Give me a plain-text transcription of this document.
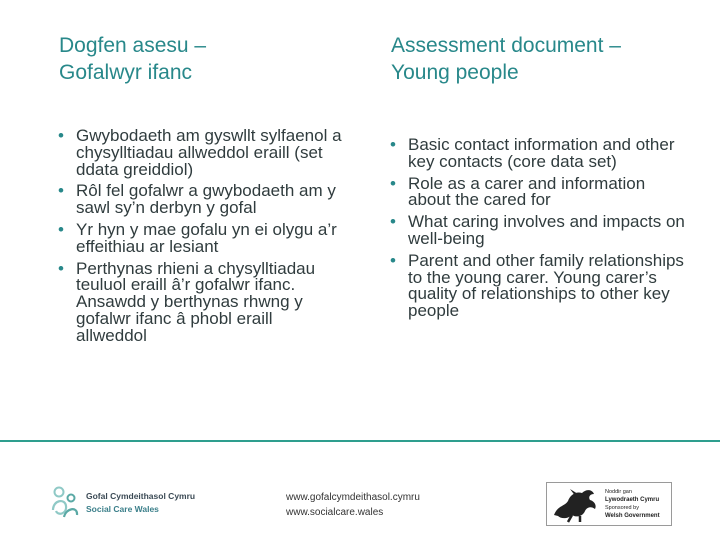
Dogfen asesu –
Gofalwyr ifanc
Assessment document –
Young people
• Gwybodaeth am gyswllt sylfaenol a chysylltiadau allweddol eraill (set ddata greiddiol)
• Rôl fel gofalwr a gwybodaeth am y sawl sy’n derbyn y gofal
• Yr hyn y mae gofalu yn ei olygu a’r effeithiau ar lesiant
• Perthynas rhieni a chysylltiadau teuluol eraill â’r gofalwr ifanc. Ansawdd y berthynas rhwng y gofalwr ifanc â phobl eraill allweddol
• Basic contact information and other key contacts (core data set)
• Role as a carer and information about the cared for
• What caring involves and impacts on well-being
• Parent and other family relationships to the young carer. Young carer’s quality of relationships to other key people
Gofal Cymdeithasol Cymru
Social Care Wales
www.gofalcymdeithasol.cymru
www.socialcare.wales
Noddir gan
Lywodraeth Cymru
Sponsored by
Welsh Government
